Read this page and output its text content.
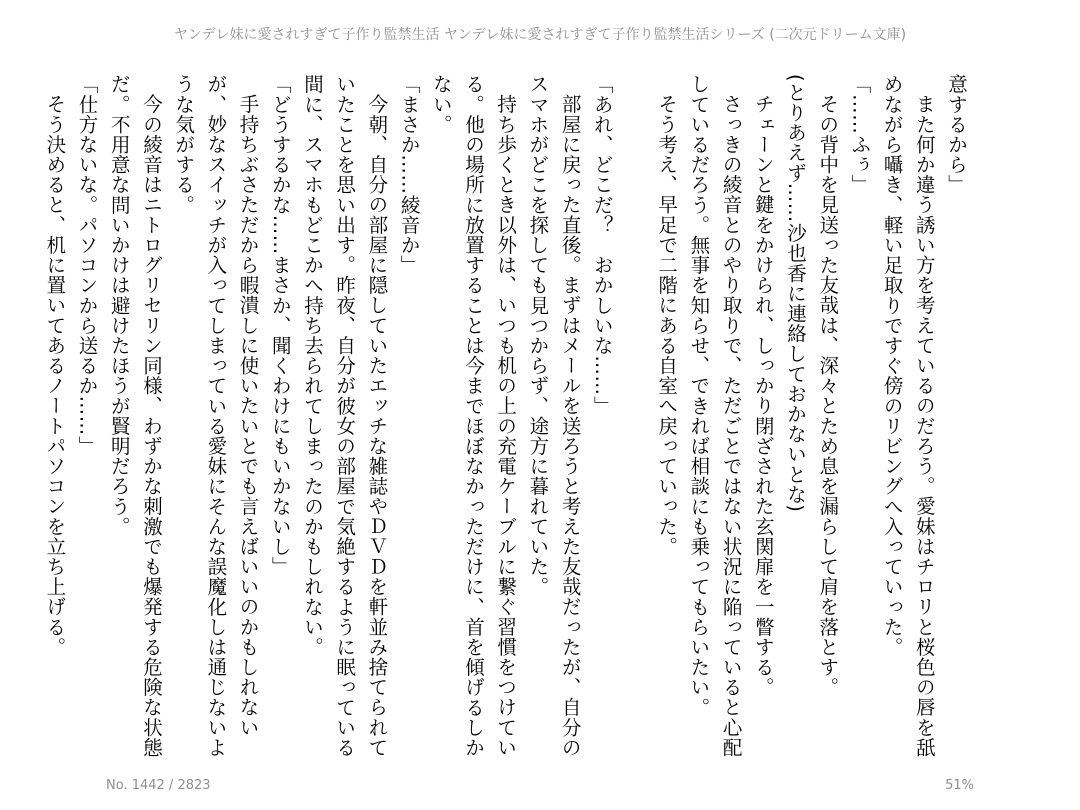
ヤンデレ妹に愛されすぎて子作り監禁生活 ヤンデレ妹に愛されすぎて子作り監禁生活シリーズ (二次元ドリーム文庫)

意するから」

また何か違う誘い方を考えているのだろう。愛妹はチロリと桜色の唇を舐めながら囁き、軽い足取りですぐ傍のリビングへ入っていった。

「……ふぅ」

その背中を見送った友哉は、深々とため息を漏らして肩を落とす。

(とりあえず……沙也香に連絡しておかないとな)

チェーンと鍵をかけられ、しっかり閉ざされた玄関扉を一瞥する。

さっきの綾音とのやり取りで、ただごとではない状況に陥っていると心配しているだろう。無事を知らせ、できれば相談にも乗ってもらいたい。

そう考え、早足で二階にある自室へ戻っていった。

「あれ、どこだ？　おかしいな……」

部屋に戻った直後。まずはメールを送ろうと考えた友哉だったが、自分のスマホがどこを探しても見つからず、途方に暮れていた。

持ち歩くとき以外は、いつも机の上の充電ケーブルに繋ぐ習慣をつけている。他の場所に放置することは今までほぼなかっただけに、首を傾げるしかない。

「まさか……綾音か」

今朝、自分の部屋に隠していたエッチな雑誌やＤＶＤを軒並み捨てられていたことを思い出す。昨夜、自分が彼女の部屋で気絶するように眠っている間に、スマホもどこかへ持ち去られてしまったのかもしれない。

「どうするかな……まさか、聞くわけにもいかないし」

手持ちぶさただから暇潰しに使いたいとでも言えばいいのかもしれないが、妙なスイッチが入ってしまっている愛妹にそんな誤魔化しは通じないような気がする。

今の綾音はニトログリセリン同様、わずかな刺激でも爆発する危険な状態だ。不用意な問いかけは避けたほうが賢明だろう。

「仕方ないな。パソコンから送るか……」

そう決めると、机に置いてあるノートパソコンを立ち上げる。

No. 1442 / 2823	51%
